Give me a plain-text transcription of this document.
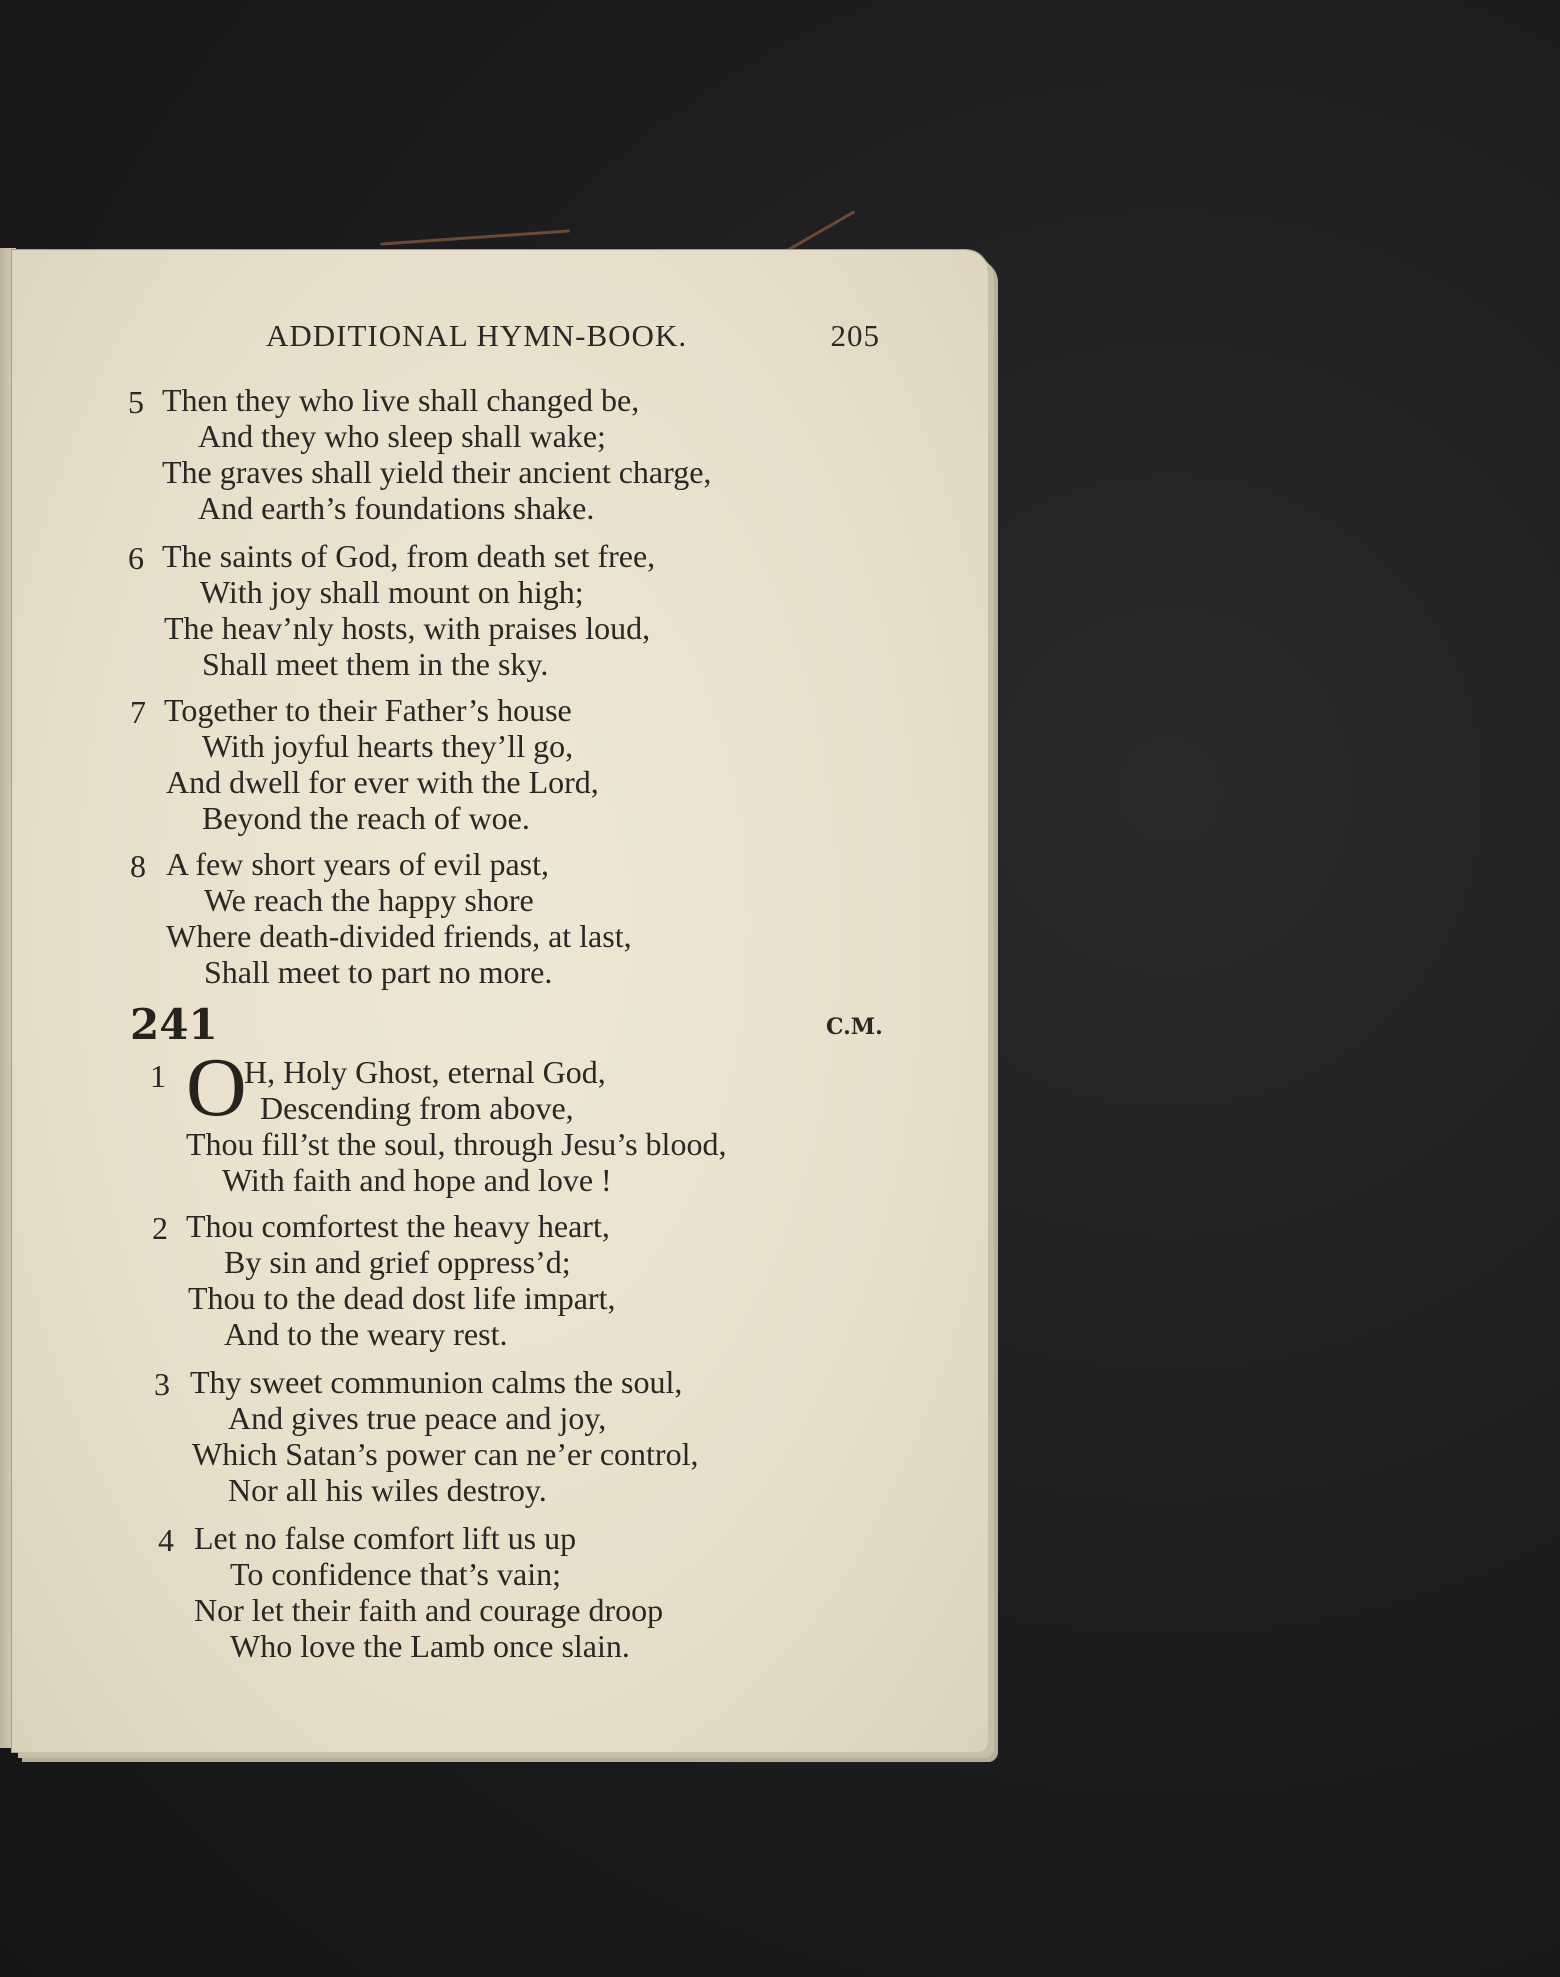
ADDITIONAL HYMN-BOOK.	205
5 Then they who live shall changed be,
And they who sleep shall wake;
The graves shall yield their ancient charge,
And earth’s foundations shake.
6 The saints of God, from death set free,
With joy shall mount on high;
The heav’nly hosts, with praises loud,
Shall meet them in the sky.
7 Together to their Father’s house
With joyful hearts they’ll go,
And dwell for ever with the Lord,
Beyond the reach of woe.
8 A few short years of evil past,
We reach the happy shore
Where death-divided friends, at last,
Shall meet to part no more.
241	C.M.
1 O
H, Holy Ghost, eternal God,
Descending from above,
Thou fill’st the soul, through Jesu’s blood,
With faith and hope and love !
2 Thou comfortest the heavy heart,
By sin and grief oppress’d;
Thou to the dead dost life impart,
And to the weary rest.
3 Thy sweet communion calms the soul,
And gives true peace and joy,
Which Satan’s power can ne’er control,
Nor all his wiles destroy.
4 Let no false comfort lift us up
To confidence that’s vain;
Nor let their faith and courage droop
Who love the Lamb once slain.
